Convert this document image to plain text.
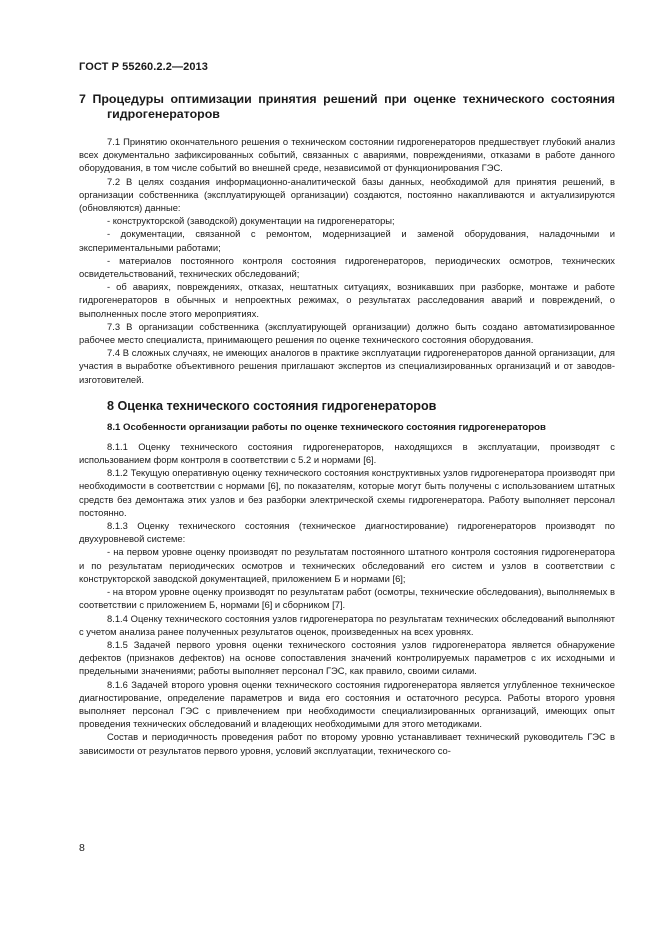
ГОСТ Р 55260.2.2—2013
7 Процедуры оптимизации принятия решений при оценке технического состояния гидрогенераторов

7.1 Принятию окончательного решения о техническом состоянии гидрогенераторов предшествует глубокий анализ всех документально зафиксированных событий, связанных с авариями, повреждениями, отказами в работе данного оборудования, в том числе событий во внешней среде, независимой от функционирования ГЭС.

7.2 В целях создания информационно-аналитической базы данных, необходимой для принятия решений, в организации собственника (эксплуатирующей организации) создаются, постоянно накапливаются и актуализируются (обновляются) данные:

- конструкторской (заводской) документации на гидрогенераторы;

- документации, связанной с ремонтом, модернизацией и заменой оборудования, наладочными и экспериментальными работами;

- материалов постоянного контроля состояния гидрогенераторов, периодических осмотров, технических освидетельствований, технических обследований;

- об авариях, повреждениях, отказах, нештатных ситуациях, возникавших при разборке, монтаже и работе гидрогенераторов в обычных и непроектных режимах, о результатах расследования аварий и повреждений, о выполненных после этого мероприятиях.

7.3 В организации собственника (эксплуатирующей организации) должно быть создано автоматизированное рабочее место специалиста, принимающего решения по оценке технического состояния оборудования.

7.4 В сложных случаях, не имеющих аналогов в практике эксплуатации гидрогенераторов данной организации, для участия в выработке объективного решения приглашают экспертов из специализированных организаций и от заводов-изготовителей.

8 Оценка технического состояния гидрогенераторов
8.1 Особенности организации работы по оценке технического состояния гидрогенераторов

8.1.1 Оценку технического состояния гидрогенераторов, находящихся в эксплуатации, производят с использованием форм контроля в соответствии с 5.2 и нормами [6].

8.1.2 Текущую оперативную оценку технического состояния конструктивных узлов гидрогенератора производят при необходимости в соответствии с нормами [6], по показателям, которые могут быть получены с использованием штатных средств без демонтажа этих узлов и без разборки электрической схемы гидрогенератора. Работу выполняет персонал постоянно.

8.1.3 Оценку технического состояния (техническое диагностирование) гидрогенераторов производят по двухуровневой системе:

- на первом уровне оценку производят по результатам постоянного штатного контроля состояния гидрогенератора и по результатам периодических осмотров и технических обследований его систем и узлов в соответствии с конструкторской заводской документацией, приложением Б и нормами [6];

- на втором уровне оценку производят по результатам работ (осмотры, технические обследования), выполняемых в соответствии с приложением Б, нормами [6] и сборником [7].

8.1.4 Оценку технического состояния узлов гидрогенератора по результатам технических обследований выполняют с учетом анализа ранее полученных результатов оценок, произведенных на всех уровнях.

8.1.5 Задачей первого уровня оценки технического состояния узлов гидрогенератора является обнаружение дефектов (признаков дефектов) на основе сопоставления значений контролируемых параметров с их исходными и предельными значениями; работы выполняет персонал ГЭС, как правило, своими силами.

8.1.6 Задачей второго уровня оценки технического состояния гидрогенератора является углубленное техническое диагностирование, определение параметров и вида его состояния и остаточного ресурса. Работы второго уровня выполняет персонал ГЭС с привлечением при необходимости специализированных организаций, имеющих опыт проведения технических обследований и владеющих необходимыми для этого методиками.

Состав и периодичность проведения работ по второму уровню устанавливает технический руководитель ГЭС в зависимости от результатов первого уровня, условий эксплуатации, технического со-

8
